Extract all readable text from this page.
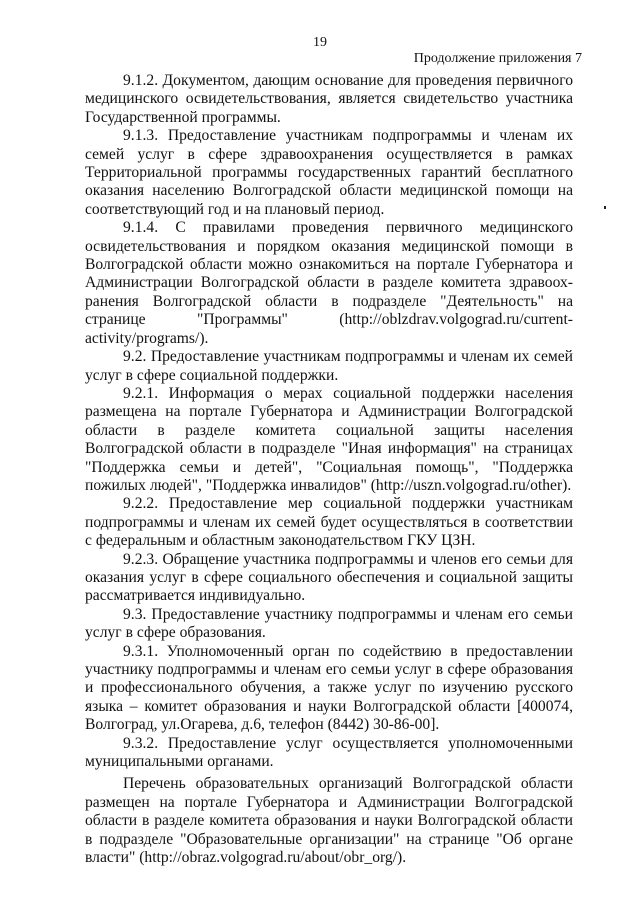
19
Продолжение приложения 7

9.1.2. Документом, дающим основание для проведения первичного медицинского освидетельствования, является свидетельство участника Государственной программы.

9.1.3. Предоставление участникам подпрограммы и членам их семей услуг в сфере здравоохранения осуществляется в рамках Территориальной программы государственных гарантий бесплатного оказания населению Волгоградской области медицинской помощи на соответствующий год и на плановый период.

9.1.4. С правилами проведения первичного медицинского освидетельствования и порядком оказания медицинской помощи в Волгоградской области можно ознакомиться на портале Губернатора и Администрации Волгоградской области в разделе комитета здравоохранения Волгоградской области в подразделе "Деятельность" на странице "Программы" (http://oblzdrav.volgograd.ru/current-activity/programs/).

9.2. Предоставление участникам подпрограммы и членам их семей услуг в сфере социальной поддержки.

9.2.1. Информация о мерах социальной поддержки населения размещена на портале Губернатора и Администрации Волгоградской области в разделе комитета социальной защиты населения Волгоградской области в подразделе "Иная информация" на страницах "Поддержка семьи и детей", "Социальная помощь", "Поддержка пожилых людей", "Поддержка инвалидов" (http://uszn.volgograd.ru/other).

9.2.2. Предоставление мер социальной поддержки участникам подпрограммы и членам их семей будет осуществляться в соответствии с федеральным и областным законодательством ГКУ ЦЗН.

9.2.3. Обращение участника подпрограммы и членов его семьи для оказания услуг в сфере социального обеспечения и социальной защиты рассматривается индивидуально.

9.3. Предоставление участнику подпрограммы и членам его семьи услуг в сфере образования.

9.3.1. Уполномоченный орган по содействию в предоставлении участнику подпрограммы и членам его семьи услуг в сфере образования и профессионального обучения, а также услуг по изучению русского языка – комитет образования и науки Волгоградской области [400074, Волгоград, ул.Огарева, д.6, телефон (8442) 30-86-00].

9.3.2. Предоставление услуг осуществляется уполномоченными муниципальными органами.

Перечень образовательных организаций Волгоградской области размещен на портале Губернатора и Администрации Волгоградской области в разделе комитета образования и науки Волгоградской области в подразделе "Образовательные организации" на странице "Об органе власти" (http://obraz.volgograd.ru/about/obr_org/).
